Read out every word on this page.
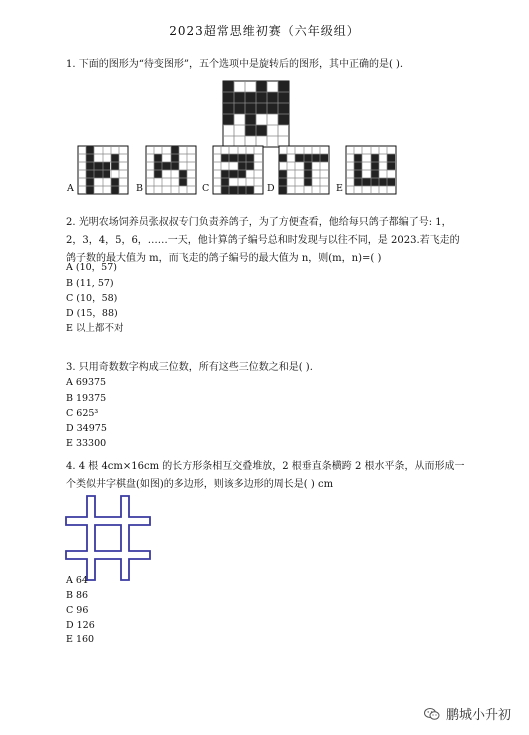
2023超常思维初赛（六年级组）
1. 下面的图形为“待变图形”，五个选项中是旋转后的图形，其中正确的是( ).
A	B	C	D	E
2. 光明农场饲养员张叔叔专门负责养鸽子，为了方便查看，他给每只鸽子都编了号: 1，2，3，4，5，6，……一天，他计算鸽子编号总和时发现与以往不同，是 2023.若飞走的鸽子数的最大值为 m，而飞走的鸽子编号的最大值为 n，则(m，n)=( )
A (10，57)
B (11, 57)
C (10，58)
D (15，88)
E 以上都不对
3. 只用奇数数字构成三位数，所有这些三位数之和是( ).
A 69375
B 19375
C 625³
D 34975
E 33300
4. 4 根 4cm×16cm 的长方形条相互交叠堆放，2 根垂直条横跨 2 根水平条，从而形成一个类似井字棋盘(如图)的多边形，则该多边形的周长是( ) cm
A 64
B 86
C 96
D 126
E 160
鹏城小升初
